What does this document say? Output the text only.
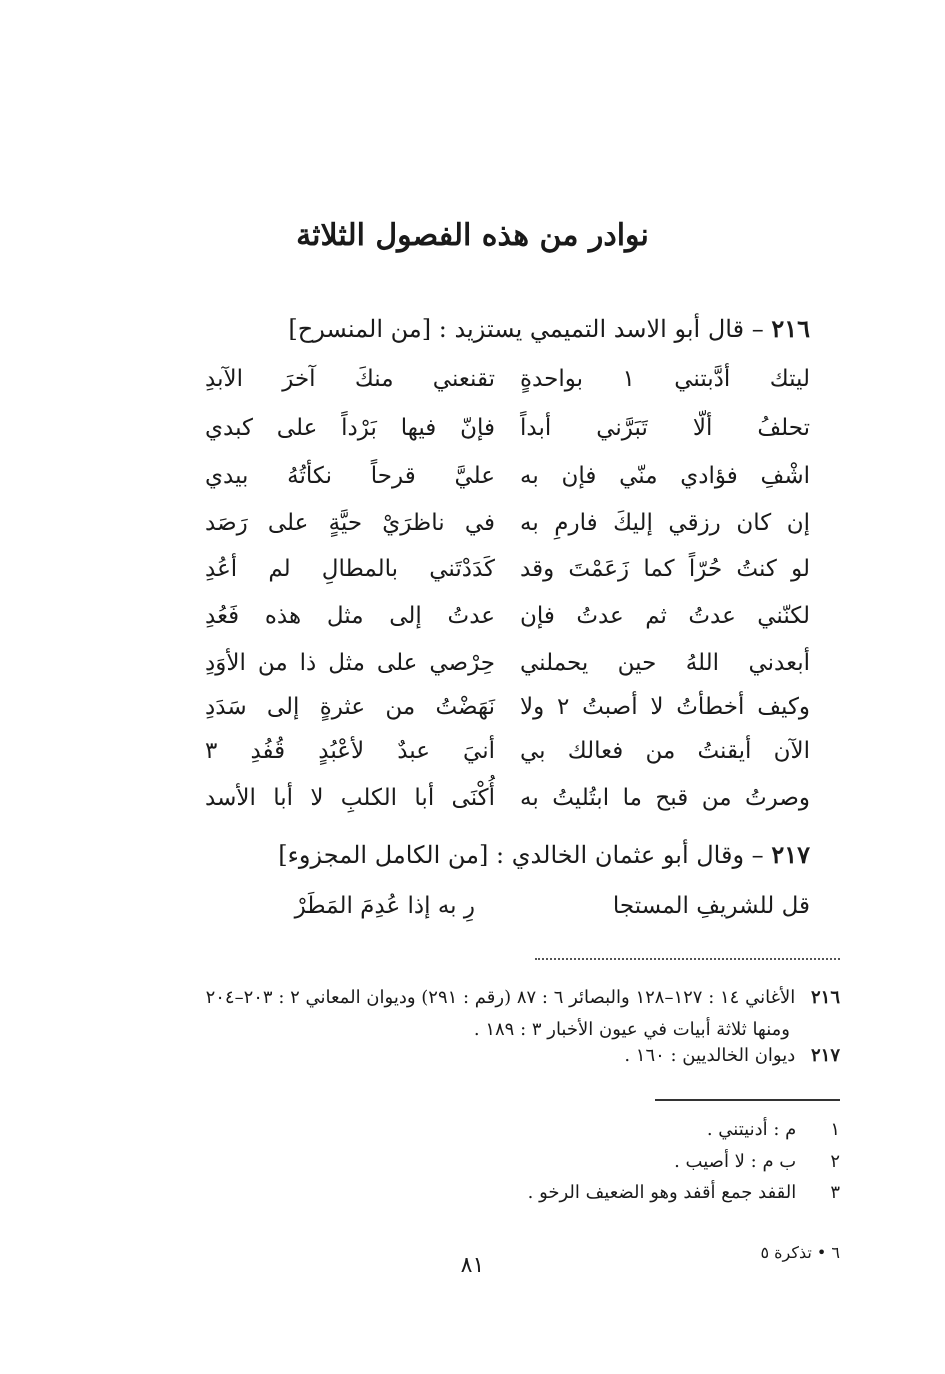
نوادر من هذه الفصول الثلاثة
٢١٦ – قال أبو الاسد التميمي يستزيد : [من المنسرح]
ليتك أدَّبتني ١ بواحدةٍ
تقنعني منكَ آخرَ الآبدِ
تحلفُ ألّا تَبَرَّني أبداً
فإنّ فيها بَرْداً على كبدي
اشْفِ فؤادي منّي فإن به
عليَّ قرحاً نكأتُهُ بيدي
إن كان رزقي إليكَ فارمِ به
في ناظرَيْ حيَّةٍ على رَصَد
لو كنتُ حُرّاً كما زَعَمْتَ وقد
كَدَدْتَني بالمطالِ لم أعُدِ
لكنّني عدتُ ثم عدتُ فإن
عدتُ إلى مثل هذه فَعُدِ
أبعدني اللهُ حين يحملني
حِرْصي على مثل ذا من الأوَدِ
وكيف أخطأتُ لا أصبتُ ٢ ولا
نَهَضْتُ من عثرةٍ إلى سَدَدِ
الآن أيقنتُ من فعالك بي
أنيَ عبدٌ لأعْبُدٍ قُفُدِ ٣
وصرتُ من قبح ما ابتُليتُ به
أُكْنَى أبا الكلبِ لا أبا الأسد
٢١٧ – وقال أبو عثمان الخالدي : [من الكامل المجزوء]
قل للشريفِ المستجا
رِ به إذا عُدِمَ المَطَرْ
٢١٦ الأغاني ١٤ : ١٢٧–١٢٨ والبصائر ٦ : ٨٧ (رقم : ٢٩١) وديوان المعاني ٢ : ٢٠٣–٢٠٤
ومنها ثلاثة أبيات في عيون الأخبار ٣ : ١٨٩ .
٢١٧ ديوان الخالديين : ١٦٠ .
١ م : أدنيتني .
٢ ب م : لا أصيب .
٣ القفد جمع أقفد وهو الضعيف الرخو .
٦ • تذكرة ٥
٨١
